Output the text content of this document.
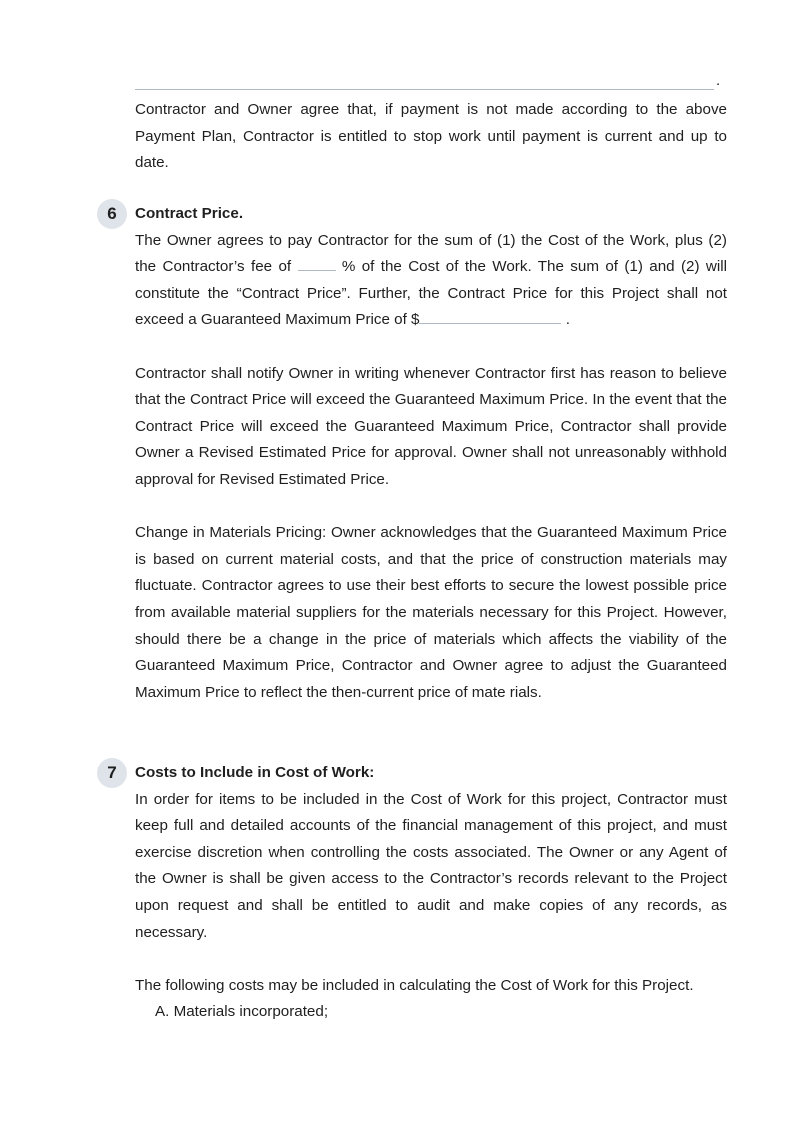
.

Contractor and Owner agree that, if payment is not made according to the above Payment Plan, Contractor is entitled to stop work until payment is current and up to date.

6	Contract Price.

The Owner agrees to pay Contractor for the sum of (1) the Cost of the Work, plus (2) the Contractor’s fee of	% of the Cost of the Work. The sum of (1) and (2) will constitute the “Contract Price”. Further, the Contract Price for this Project shall not exceed a Guaranteed Maximum Price of $	.

Contractor shall notify Owner in writing whenever Contractor first has reason to believe that the Contract Price will exceed the Guaranteed Maximum Price. In the event that the Contract Price will exceed the Guaranteed Maximum Price, Contractor shall provide Owner a Revised Estimated Price for approval. Owner shall not unreasonably withhold approval for Revised Estimated Price.

Change in Materials Pricing: Owner acknowledges that the Guaranteed Maximum Price is based on current material costs, and that the price of construction materials may fluctuate. Contractor agrees to use their best efforts to secure the lowest possible price from available material suppliers for the materials necessary for this Project. However, should there be a change in the price of materials which affects the viability of the Guaranteed Maximum Price, Contractor and Owner agree to adjust the Guaranteed Maximum Price to reflect the then-current price of mate rials.

7	Costs to Include in Cost of Work:

In order for items to be included in the Cost of Work for this project, Contractor must keep full and detailed accounts of the financial management of this project, and must exercise discretion when controlling the costs associated. The Owner or any Agent of the Owner is shall be given access to the Contractor’s records relevant to the Project upon request and shall be entitled to audit and make copies of any records, as necessary.

The following costs may be included in calculating the Cost of Work for this Project.

A. Materials incorporated;
